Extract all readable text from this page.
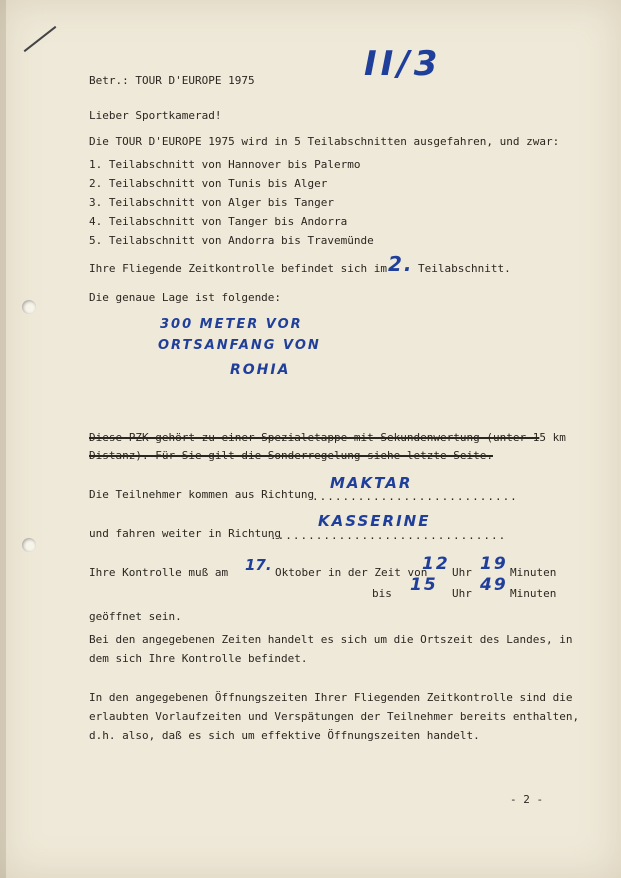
Betr.: TOUR D'EUROPE 1975	II/3
Lieber Sportkamerad!
Die TOUR D'EUROPE 1975 wird in 5 Teilabschnitten ausgefahren, und zwar:
1. Teilabschnitt von Hannover bis Palermo
2. Teilabschnitt von Tunis bis Alger
3. Teilabschnitt von Alger bis Tanger
4. Teilabschnitt von Tanger bis Andorra
5. Teilabschnitt von Andorra bis Travemünde
Ihre Fliegende Zeitkontrolle befindet sich im 2. Teilabschnitt.
Die genaue Lage ist folgende:
300 METER VOR
ORTSANFANG VON
ROHIA
Diese PZK gehört zu einer Spezialetappe mit Sekundenwertung (unter 15 km
Distanz). Für Sie gilt die Sonderregelung siehe letzte Seite.
Die Teilnehmer kommen aus Richtung
...........................
MAKTAR
und fahren weiter in Richtung
...............................
KASSERINE
Ihre Kontrolle muß am 17. Oktober in der Zeit von
12 Uhr 19 Minuten
bis 15 Uhr 49 Minuten
geöffnet sein.
Bei den angegebenen Zeiten handelt es sich um die Ortszeit des Landes, in
dem sich Ihre Kontrolle befindet.
In den angegebenen Öffnungszeiten Ihrer Fliegenden Zeitkontrolle sind die
erlaubten Vorlaufzeiten und Verspätungen der Teilnehmer bereits enthalten,
d.h. also, daß es sich um effektive Öffnungszeiten handelt.
- 2 -
